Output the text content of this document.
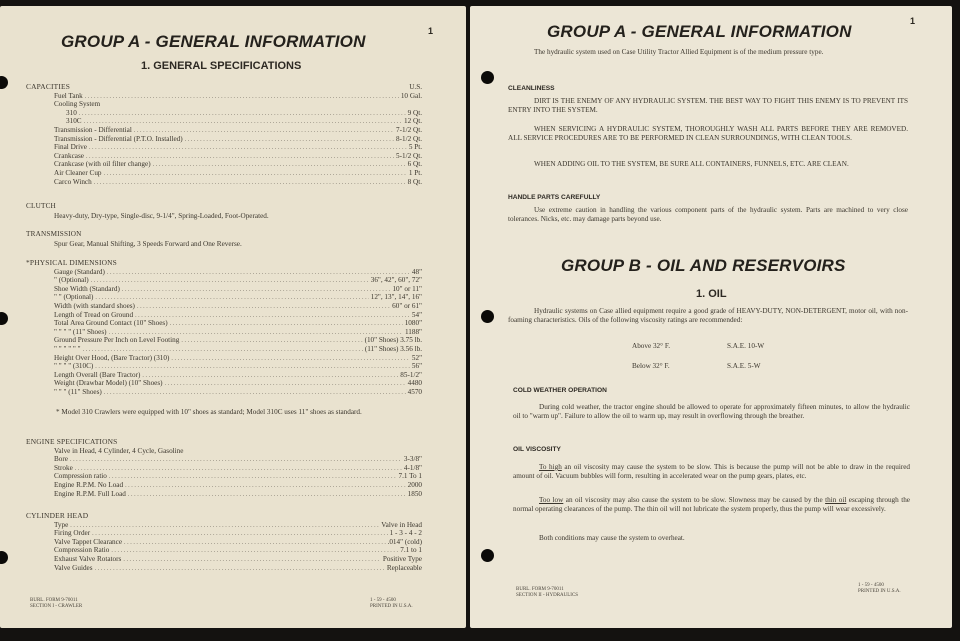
1
GROUP A - GENERAL INFORMATION
1. GENERAL SPECIFICATIONS
CAPACITIES	U.S.
Fuel Tank .....	10 Gal.
Cooling System
310 .....	9 Qt.
310C .....	12 Qt.
Transmission - Differential .....	7-1/2 Qt.
Transmission - Differential (P.T.O. Installed) .....	8-1/2 Qt.
Final Drive .....	5 Pt.
Crankcase .....	5-1/2 Qt.
Crankcase (with oil filter change) .....	6 Qt.
Air Cleaner Cup .....	1 Pt.
Carco Winch .....	8 Qt.
CLUTCH
Heavy-duty, Dry-type, Single-disc, 9-1/4", Spring-Loaded, Foot-Operated.
TRANSMISSION
Spur Gear, Manual Shifting, 3 Speeds Forward and One Reverse.
*PHYSICAL DIMENSIONS
Gauge (Standard) .....	48"
" (Optional) .....	36", 42", 60", 72"
Shoe Width (Standard) .....	10" or 11"
" " (Optional) .....	12", 13", 14", 16"
Width (with standard shoes) .....	60" or 61"
Length of Tread on Ground .....	54"
Total Area Ground Contact (10" Shoes) .....	1080"
" " " " (11" Shoes) .....	1188"
Ground Pressure Per Inch on Level Footing .....	(10" Shoes) 3.75 lb.
" " " " " " .....	(11" Shoes) 3.56 lb.
Height Over Hood, (Bare Tractor) (310) .....	52"
" " " " (310C) .....	56"
Length Overall (Bare Tractor) .....	85-1/2"
Weight (Drawbar Model) (10" Shoes) .....	4480
" " " (11" Shoes) .....	4570
* Model 310 Crawlers were equipped with 10" shoes as standard; Model 310C uses 11" shoes as standard.
ENGINE SPECIFICATIONS
Valve in Head, 4 Cylinder, 4 Cycle, Gasoline
Bore .....	3-3/8"
Stroke .....	4-1/8"
Compression ratio .....	7.1 To 1
Engine R.P.M. No Load .....	2000
Engine R.P.M. Full Load .....	1850
CYLINDER HEAD
Type .....	Valve in Head
Firing Order .....	1 - 3 - 4 - 2
Valve Tappet Clearance .....	.014" (cold)
Compression Ratio .....	7.1 to 1
Exhaust Valve Rotators .....	Positive Type
Valve Guides .....	Replaceable
BURL. FORM 9-70011
SECTION I - CRAWLER
1 - 59 - 4500
PRINTED IN U.S.A.
1
GROUP A - GENERAL INFORMATION
The hydraulic system used on Case Utility Tractor Allied Equipment is of the medium pressure type.
CLEANLINESS
DIRT IS THE ENEMY OF ANY HYDRAULIC SYSTEM. THE BEST WAY TO FIGHT THIS ENEMY IS TO PREVENT ITS ENTRY INTO THE SYSTEM.
WHEN SERVICING A HYDRAULIC SYSTEM, THOROUGHLY WASH ALL PARTS BEFORE THEY ARE REMOVED. ALL SERVICE PROCEDURES ARE TO BE PERFORMED IN CLEAN SURROUNDINGS, WITH CLEAN TOOLS.
WHEN ADDING OIL TO THE SYSTEM, BE SURE ALL CONTAINERS, FUNNELS, ETC. ARE CLEAN.
HANDLE PARTS CAREFULLY
Use extreme caution in handling the various component parts of the hydraulic system. Parts are machined to very close tolerances. Nicks, etc. may damage parts beyond use.
GROUP B - OIL AND RESERVOIRS
1. OIL
Hydraulic systems on Case allied equipment require a good grade of HEAVY-DUTY, NON-DETERGENT, motor oil, with non-foaming characteristics. Oils of the following viscosity ratings are recommended:
Above 32° F.	S.A.E. 10-W
Below 32° F.	S.A.E. 5-W
COLD WEATHER OPERATION
During cold weather, the tractor engine should be allowed to operate for approximately fifteen minutes, to allow the hydraulic oil to "warm up". Failure to allow the oil to warm up, may result in overflowing through the breather.
OIL VISCOSITY
To high an oil viscosity may cause the system to be slow. This is because the pump will not be able to draw in the required amount of oil. Vacuum bubbles will form, resulting in accelerated wear on the pump gears, plates, etc.
Too low an oil viscosity may also cause the system to be slow. Slowness may be caused by the thin oil escaping through the normal operating clearances of the pump. The thin oil will not lubricate the system properly, thus the pump will wear excessively.
Both conditions may cause the system to overheat.
BURL. FORM 9-70011
SECTION II - HYDRAULICS
1 - 59 - 4500
PRINTED IN U.S.A.
